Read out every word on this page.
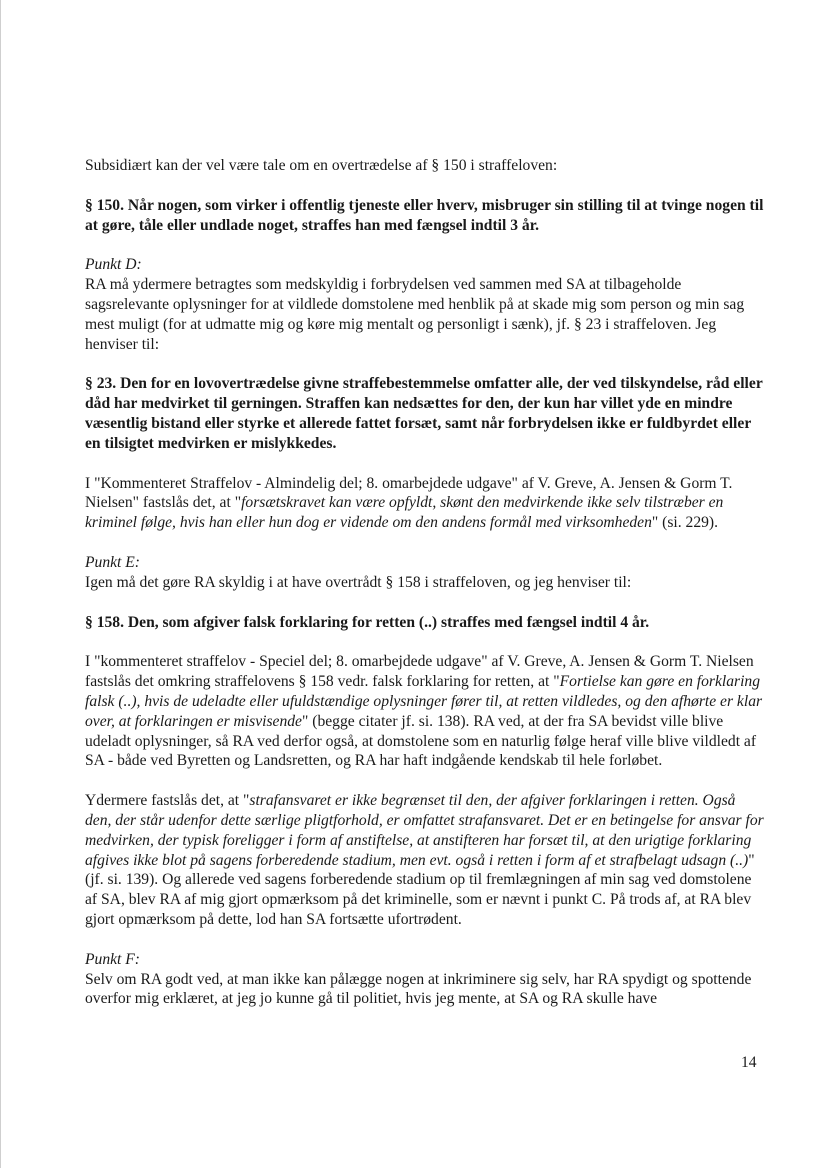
Subsidiært kan der vel være tale om en overtrædelse af § 150 i straffeloven:

§ 150. Når nogen, som virker i offentlig tjeneste eller hverv, misbruger sin stilling til at tvinge nogen til at gøre, tåle eller undlade noget, straffes han med fængsel indtil 3 år.

Punkt D:

RA må ydermere betragtes som medskyldig i forbrydelsen ved sammen med SA at tilbageholde sagsrelevante oplysninger for at vildlede domstolene med henblik på at skade mig som person og min sag mest muligt (for at udmatte mig og køre mig mentalt og personligt i sænk), jf. § 23 i straffeloven. Jeg henviser til:

§ 23. Den for en lovovertrædelse givne straffebestemmelse omfatter alle, der ved tilskyndelse, råd eller dåd har medvirket til gerningen. Straffen kan nedsættes for den, der kun har villet yde en mindre væsentlig bistand eller styrke et allerede fattet forsæt, samt når forbrydelsen ikke er fuldbyrdet eller en tilsigtet medvirken er mislykkedes.

I "Kommenteret Straffelov - Almindelig del; 8. omarbejdede udgave" af V. Greve, A. Jensen & Gorm T. Nielsen" fastslås det, at "forsætskravet kan være opfyldt, skønt den medvirkende ikke selv tilstræber en kriminel følge, hvis han eller hun dog er vidende om den andens formål med virksomheden" (si. 229).

Punkt E:

Igen må det gøre RA skyldig i at have overtrådt § 158 i straffeloven, og jeg henviser til:

§ 158. Den, som afgiver falsk forklaring for retten (..) straffes med fængsel indtil 4 år.

I "kommenteret straffelov - Speciel del; 8. omarbejdede udgave" af V. Greve, A. Jensen & Gorm T. Nielsen fastslås det omkring straffelovens § 158 vedr. falsk forklaring for retten, at "Fortielse kan gøre en forklaring falsk (..), hvis de udeladte eller ufuldstændige oplysninger fører til, at retten vildledes, og den afhørte er klar over, at forklaringen er misvisende" (begge citater jf. si. 138). RA ved, at der fra SA bevidst ville blive udeladt oplysninger, så RA ved derfor også, at domstolene som en naturlig følge heraf ville blive vildledt af SA - både ved Byretten og Landsretten, og RA har haft indgående kendskab til hele forløbet.

Ydermere fastslås det, at "strafansvaret er ikke begrænset til den, der afgiver forklaringen i retten. Også den, der står udenfor dette særlige pligtforhold, er omfattet strafansvaret. Det er en betingelse for ansvar for medvirken, der typisk foreligger i form af anstiftelse, at anstifteren har forsæt til, at den urigtige forklaring afgives ikke blot på sagens forberedende stadium, men evt. også i retten i form af et strafbelagt udsagn (..)" (jf. si. 139). Og allerede ved sagens forberedende stadium op til fremlægningen af min sag ved domstolene af SA, blev RA af mig gjort opmærksom på det kriminelle, som er nævnt i punkt C. På trods af, at RA blev gjort opmærksom på dette, lod han SA fortsætte ufortrødent.

Punkt F:

Selv om RA godt ved, at man ikke kan pålægge nogen at inkriminere sig selv, har RA spydigt og spottende overfor mig erklæret, at jeg jo kunne gå til politiet, hvis jeg mente, at SA og RA skulle have

14
